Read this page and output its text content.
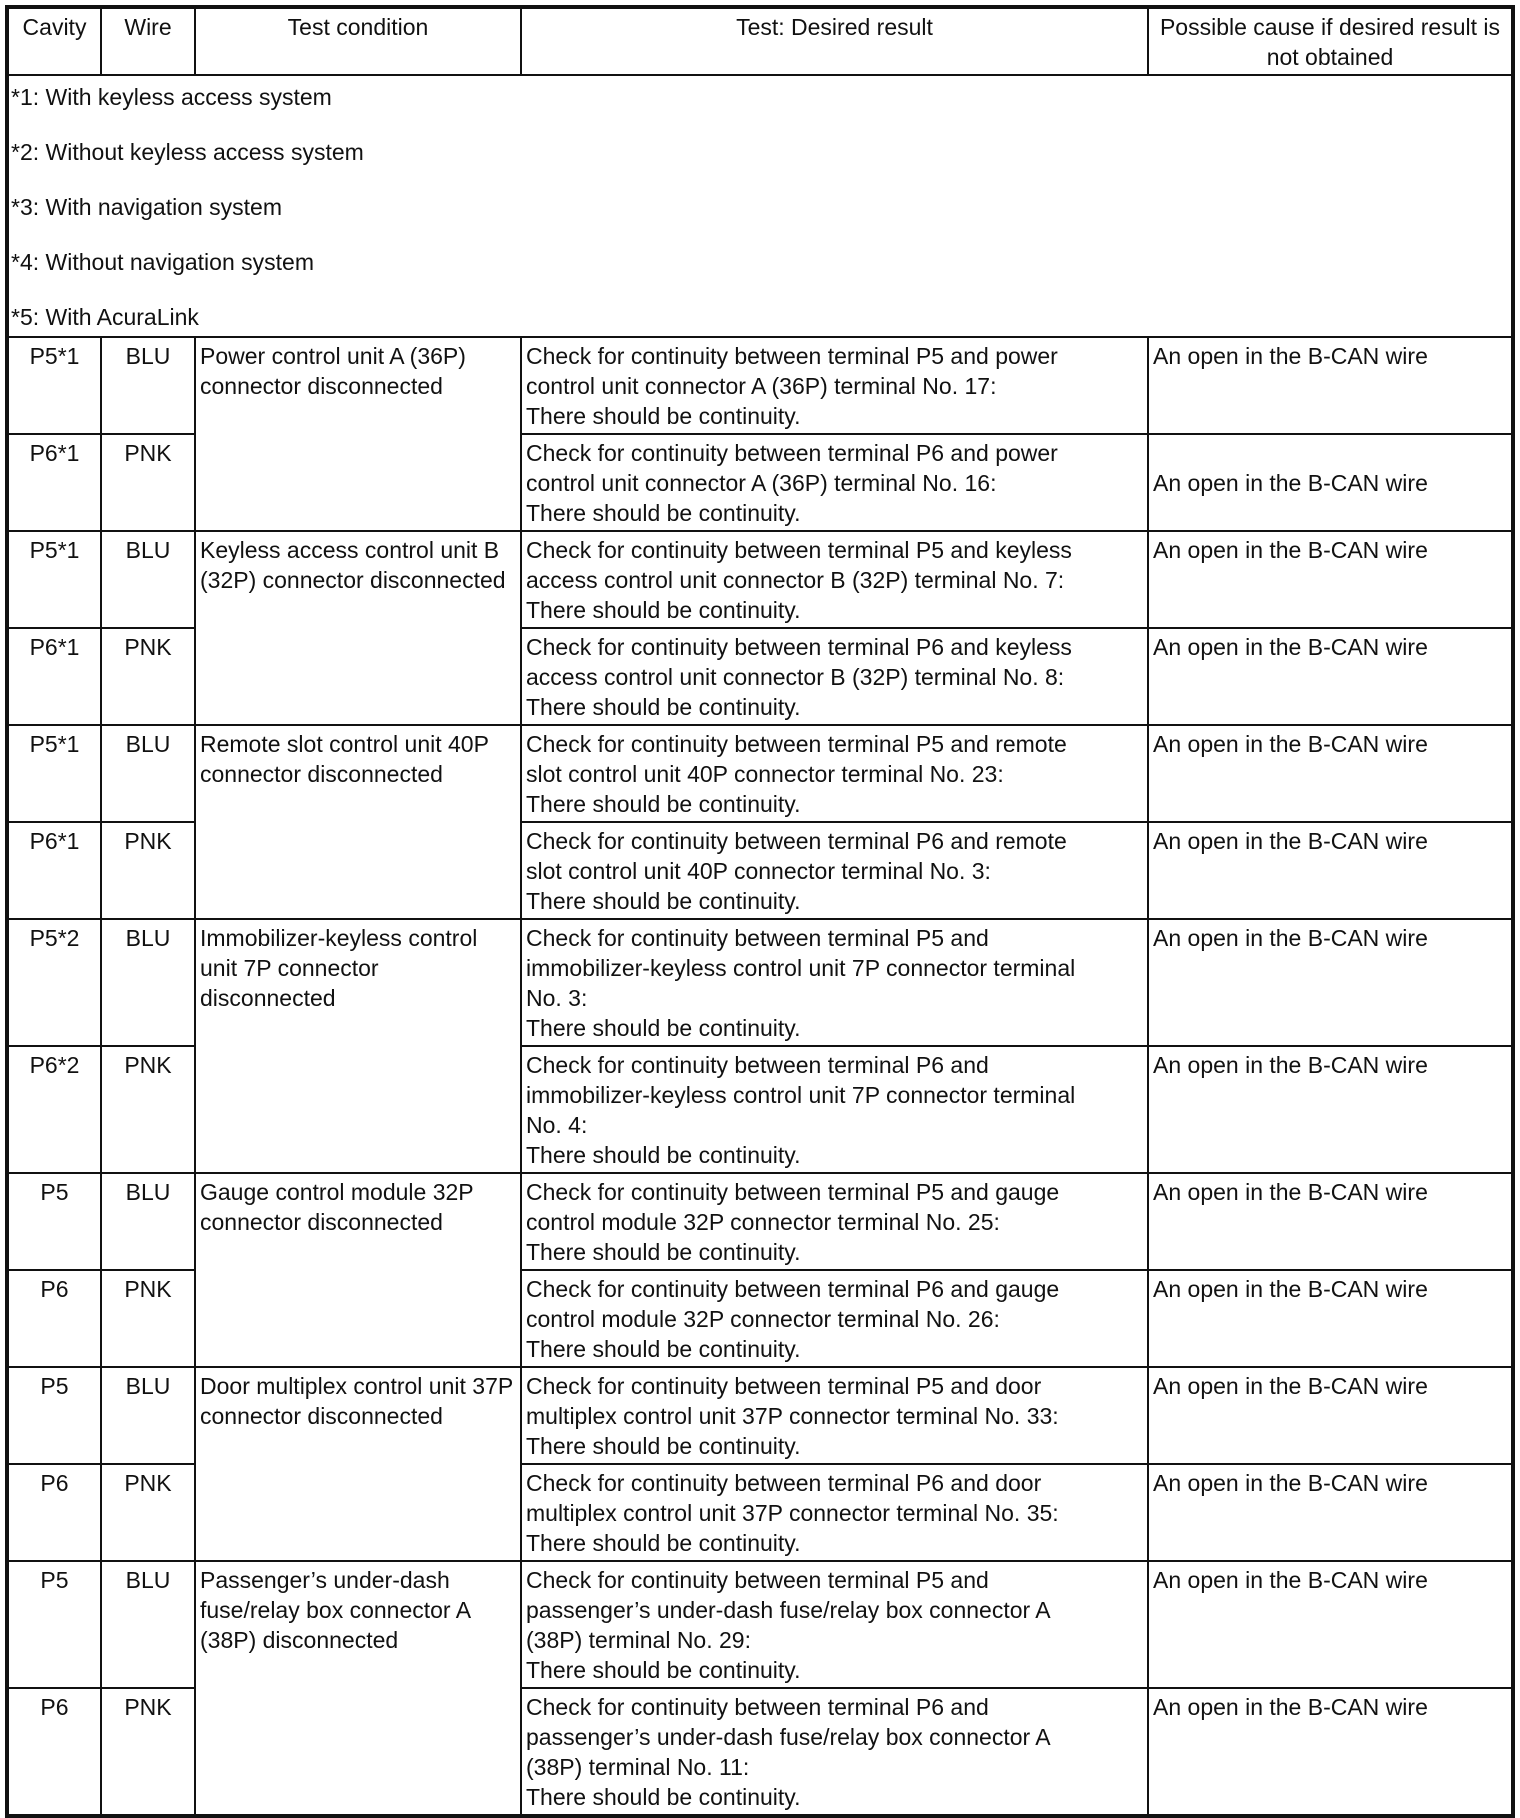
Cavity	Wire	Test condition	Test: Desired result	Possible cause if desired result is not obtained

*1: With keyless access system
*2: Without keyless access system
*3: With navigation system
*4: Without navigation system
*5: With AcuraLink				

P5*1	BLU	Power control unit A (36P) connector disconnected	Check for continuity between terminal P5 and power
control unit connector A (36P) terminal No. 17:
There should be continuity.	An open in the B-CAN wire
P6*1	PNK		Check for continuity between terminal P6 and power
control unit connector A (36P) terminal No. 16:
There should be continuity.	An open in the B-CAN wire
P5*1	BLU	Keyless access control unit B (32P) connector disconnected	Check for continuity between terminal P5 and keyless
access control unit connector B (32P) terminal No. 7:
There should be continuity.	An open in the B-CAN wire
P6*1	PNK		Check for continuity between terminal P6 and keyless
access control unit connector B (32P) terminal No. 8:
There should be continuity.	An open in the B-CAN wire
P5*1	BLU	Remote slot control unit 40P connector disconnected	Check for continuity between terminal P5 and remote
slot control unit 40P connector terminal No. 23:
There should be continuity.	An open in the B-CAN wire
P6*1	PNK		Check for continuity between terminal P6 and remote
slot control unit 40P connector terminal No. 3:
There should be continuity.	An open in the B-CAN wire
P5*2	BLU	Immobilizer-keyless control unit 7P connector disconnected	Check for continuity between terminal P5 and
immobilizer-keyless control unit 7P connector terminal
No. 3:
There should be continuity.	An open in the B-CAN wire
P6*2	PNK		Check for continuity between terminal P6 and
immobilizer-keyless control unit 7P connector terminal
No. 4:
There should be continuity.	An open in the B-CAN wire
P5	BLU	Gauge control module 32P connector disconnected	Check for continuity between terminal P5 and gauge
control module 32P connector terminal No. 25:
There should be continuity.	An open in the B-CAN wire
P6	PNK		Check for continuity between terminal P6 and gauge
control module 32P connector terminal No. 26:
There should be continuity.	An open in the B-CAN wire
P5	BLU	Door multiplex control unit 37P connector disconnected	Check for continuity between terminal P5 and door
multiplex control unit 37P connector terminal No. 33:
There should be continuity.	An open in the B-CAN wire
P6	PNK		Check for continuity between terminal P6 and door
multiplex control unit 37P connector terminal No. 35:
There should be continuity.	An open in the B-CAN wire
P5	BLU	Passenger’s under-dash fuse/relay box connector A (38P) disconnected	Check for continuity between terminal P5 and
passenger’s under-dash fuse/relay box connector A
(38P) terminal No. 29:
There should be continuity.	An open in the B-CAN wire
P6	PNK		Check for continuity between terminal P6 and
passenger’s under-dash fuse/relay box connector A
(38P) terminal No. 11:
There should be continuity.	An open in the B-CAN wire
